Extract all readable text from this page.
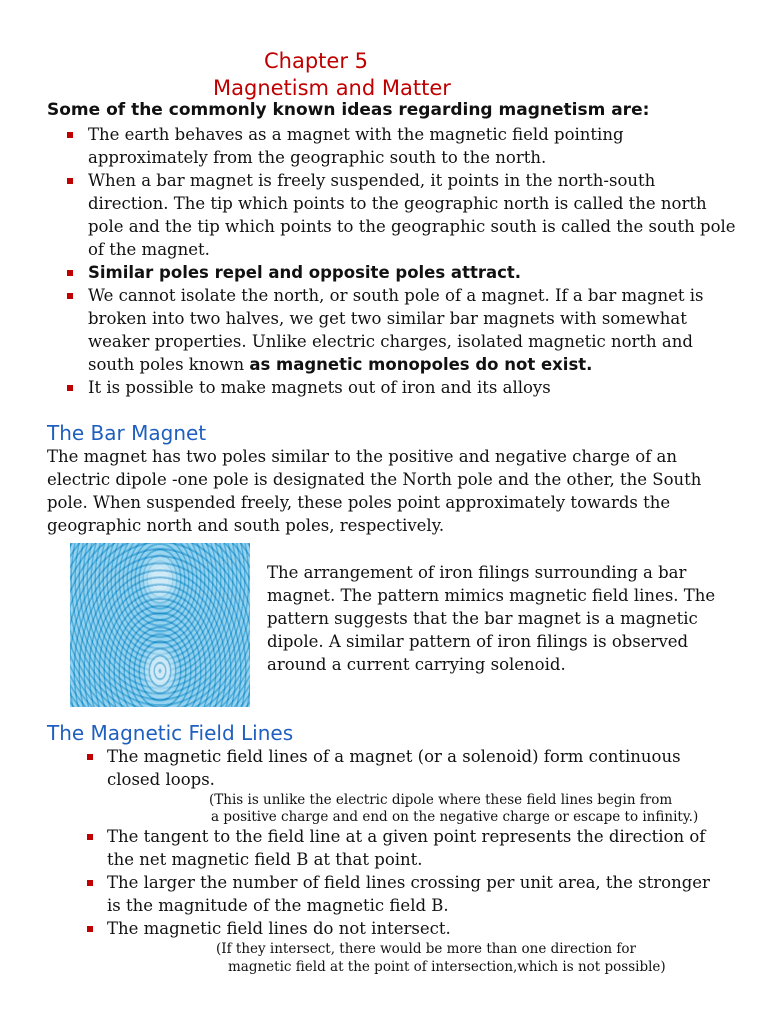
Chapter 5
Magnetism and Matter
Some of the commonly known ideas regarding magnetism are:
The earth behaves as a magnet with the magnetic field pointing approximately from the geographic south to the north.
When a bar magnet is freely suspended, it points in the north-south direction. The tip which points to the geographic north is called the north pole and the tip which points to the geographic south is called the south pole of the magnet.
Similar poles repel and opposite poles attract.
We cannot isolate the north, or south pole of a magnet. If a bar magnet is broken into two halves, we get two similar bar magnets with somewhat weaker properties. Unlike electric charges, isolated magnetic north and south poles known as magnetic monopoles do not exist.
It is possible to make magnets out of iron and its alloys
The Bar Magnet
The magnet has two poles similar to the positive and negative charge of an electric dipole -one pole is designated the North pole and the other, the South pole. When suspended freely, these poles point approximately towards the geographic north and south poles, respectively.
The arrangement of iron filings surrounding a bar magnet. The pattern mimics magnetic field lines. The pattern suggests that the bar magnet is a magnetic dipole. A similar pattern of iron filings is observed around a current carrying solenoid.
The Magnetic Field Lines
The magnetic field lines of a magnet (or a solenoid) form continuous closed loops.
(This is unlike the electric dipole where these field lines begin from
a positive charge and end on the negative charge or escape to infinity.)
The tangent to the field line at a given point represents the direction of the net magnetic field B at that point.
The larger the number of field lines crossing per unit area, the stronger is the magnitude of the magnetic field B.
The magnetic field lines do not intersect.
(If they intersect, there would be more than one direction for
magnetic field at the point of intersection,which is not possible)
